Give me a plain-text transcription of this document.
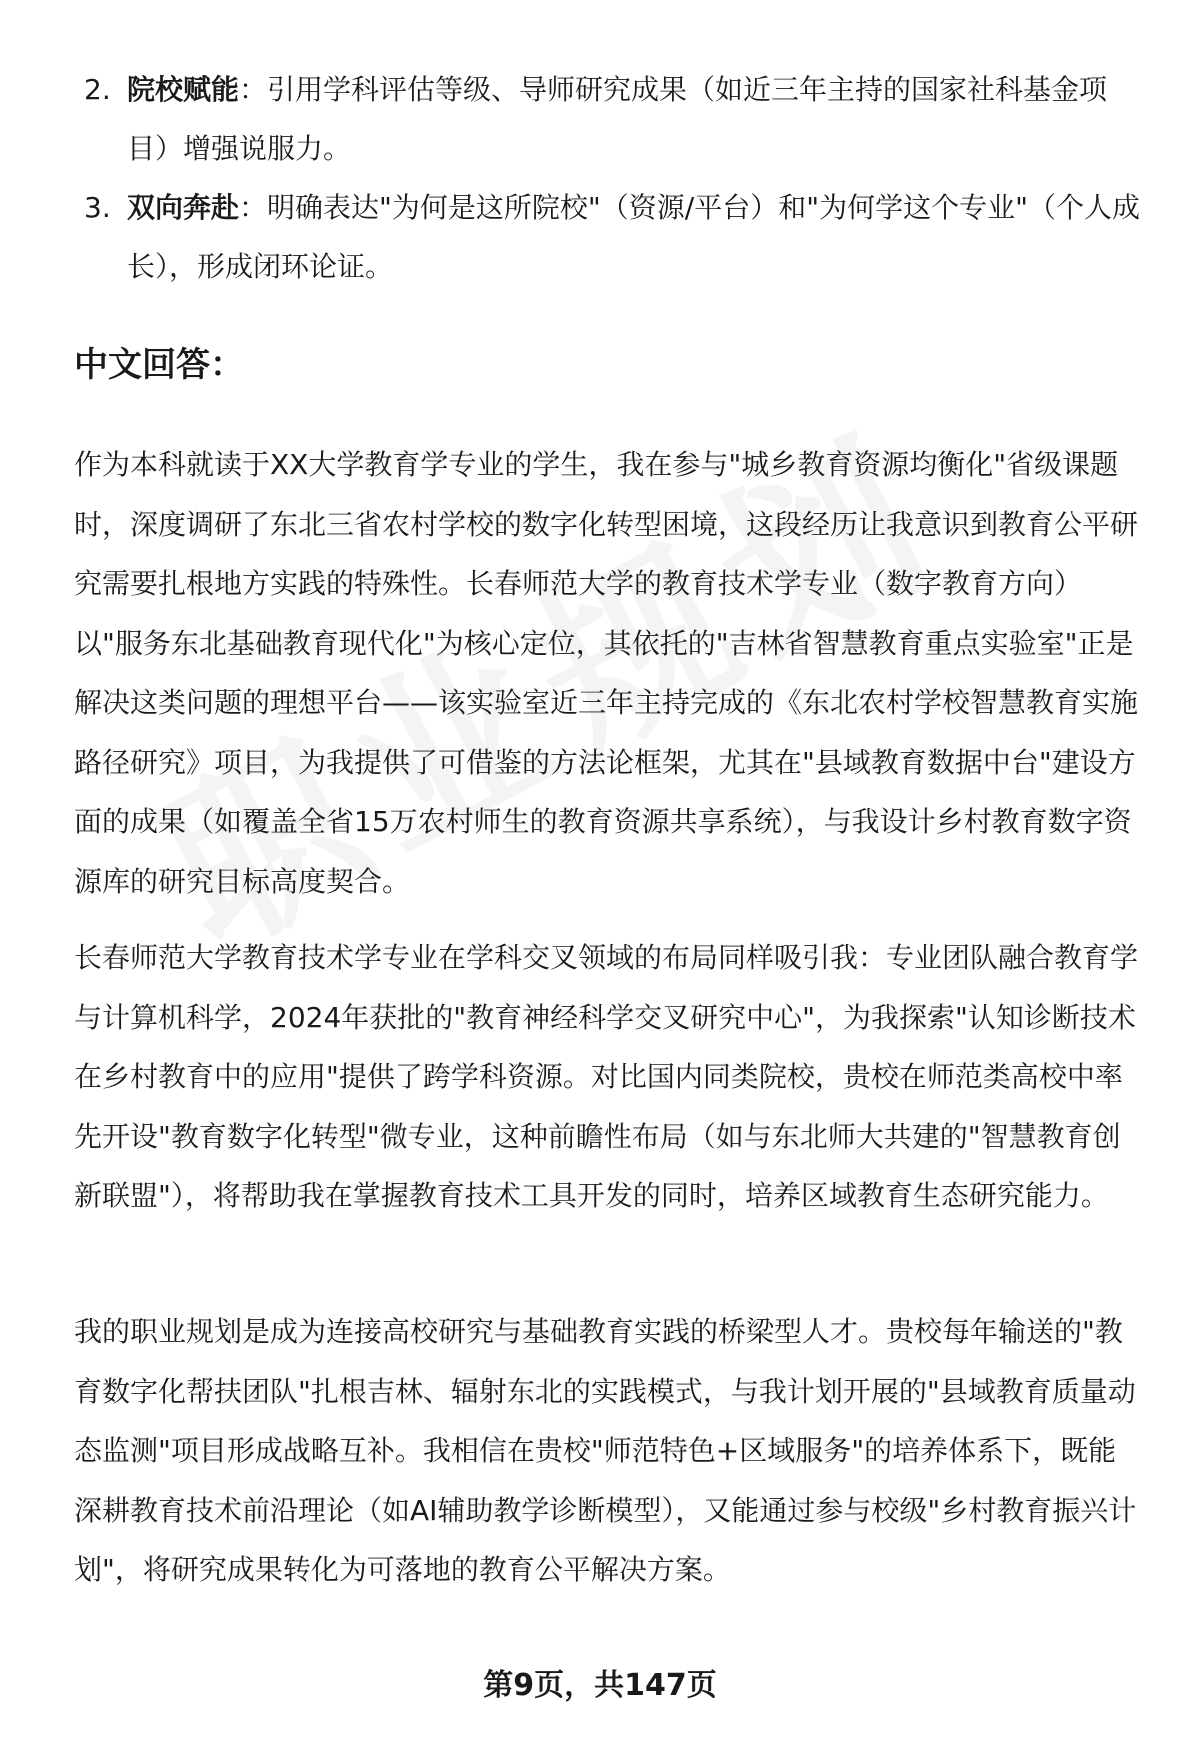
2. 院校赋能：引用学科评估等级、导师研究成果（如近三年主持的国家社科基金项目）增强说服力。
3. 双向奔赴：明确表达"为何是这所院校"（资源/平台）和"为何学这个专业"（个人成长），形成闭环论证。
中文回答：

作为本科就读于XX大学教育学专业的学生，我在参与"城乡教育资源均衡化"省级课题时，深度调研了东北三省农村学校的数字化转型困境，这段经历让我意识到教育公平研究需要扎根地方实践的特殊性。长春师范大学的教育技术学专业（数字教育方向）以"服务东北基础教育现代化"为核心定位，其依托的"吉林省智慧教育重点实验室"正是解决这类问题的理想平台——该实验室近三年主持完成的《东北农村学校智慧教育实施路径研究》项目，为我提供了可借鉴的方法论框架，尤其在"县域教育数据中台"建设方面的成果（如覆盖全省15万农村师生的教育资源共享系统），与我设计乡村教育数字资源库的研究目标高度契合。

长春师范大学教育技术学专业在学科交叉领域的布局同样吸引我：专业团队融合教育学与计算机科学，2024年获批的"教育神经科学交叉研究中心"，为我探索"认知诊断技术在乡村教育中的应用"提供了跨学科资源。对比国内同类院校，贵校在师范类高校中率先开设"教育数字化转型"微专业，这种前瞻性布局（如与东北师大共建的"智慧教育创新联盟"），将帮助我在掌握教育技术工具开发的同时，培养区域教育生态研究能力。

我的职业规划是成为连接高校研究与基础教育实践的桥梁型人才。贵校每年输送的"教育数字化帮扶团队"扎根吉林、辐射东北的实践模式，与我计划开展的"县域教育质量动态监测"项目形成战略互补。我相信在贵校"师范特色+区域服务"的培养体系下，既能深耕教育技术前沿理论（如AI辅助教学诊断模型），又能通过参与校级"乡村教育振兴计划"，将研究成果转化为可落地的教育公平解决方案。

第9页，共147页
